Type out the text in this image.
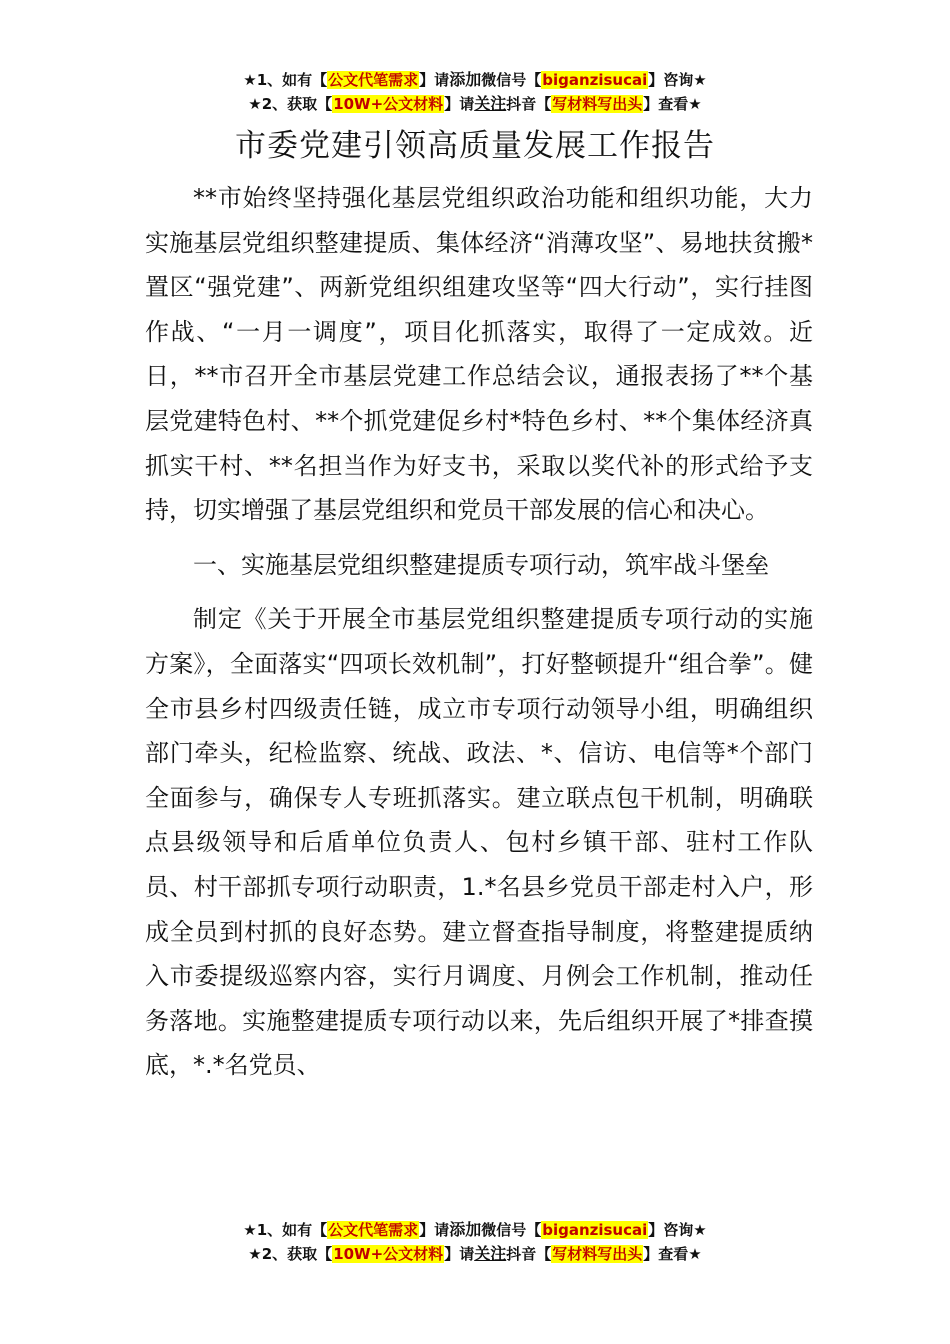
★1、如有【公文代笔需求】请添加微信号【biganzisucai】咨询★
★2、获取【10W+公文材料】请关注抖音【写材料写出头】查看★
市委党建引领高质量发展工作报告

**市始终坚持强化基层党组织政治功能和组织功能，大力实施基层党组织整建提质、集体经济“消薄攻坚”、易地扶贫搬*置区“强党建”、两新党组织组建攻坚等“四大行动”，实行挂图作战、“一月一调度”，项目化抓落实，取得了一定成效。近日，**市召开全市基层党建工作总结会议，通报表扬了**个基层党建特色村、**个抓党建促乡村*特色乡村、**个集体经济真抓实干村、**名担当作为好支书，采取以奖代补的形式给予支持，切实增强了基层党组织和党员干部发展的信心和决心。

一、实施基层党组织整建提质专项行动，筑牢战斗堡垒

制定《关于开展全市基层党组织整建提质专项行动的实施方案》，全面落实“四项长效机制”，打好整顿提升“组合拳”。健全市县乡村四级责任链，成立市专项行动领导小组，明确组织部门牵头，纪检监察、统战、政法、*、信访、电信等*个部门全面参与，确保专人专班抓落实。建立联点包干机制，明确联点县级领导和后盾单位负责人、包村乡镇干部、驻村工作队员、村干部抓专项行动职责，1.*名县乡党员干部走村入户，形成全员到村抓的良好态势。建立督查指导制度，将整建提质纳入市委提级巡察内容，实行月调度、月例会工作机制，推动任务落地。实施整建提质专项行动以来，先后组织开展了*排查摸底，*.*名党员、

★1、如有【公文代笔需求】请添加微信号【biganzisucai】咨询★
★2、获取【10W+公文材料】请关注抖音【写材料写出头】查看★
